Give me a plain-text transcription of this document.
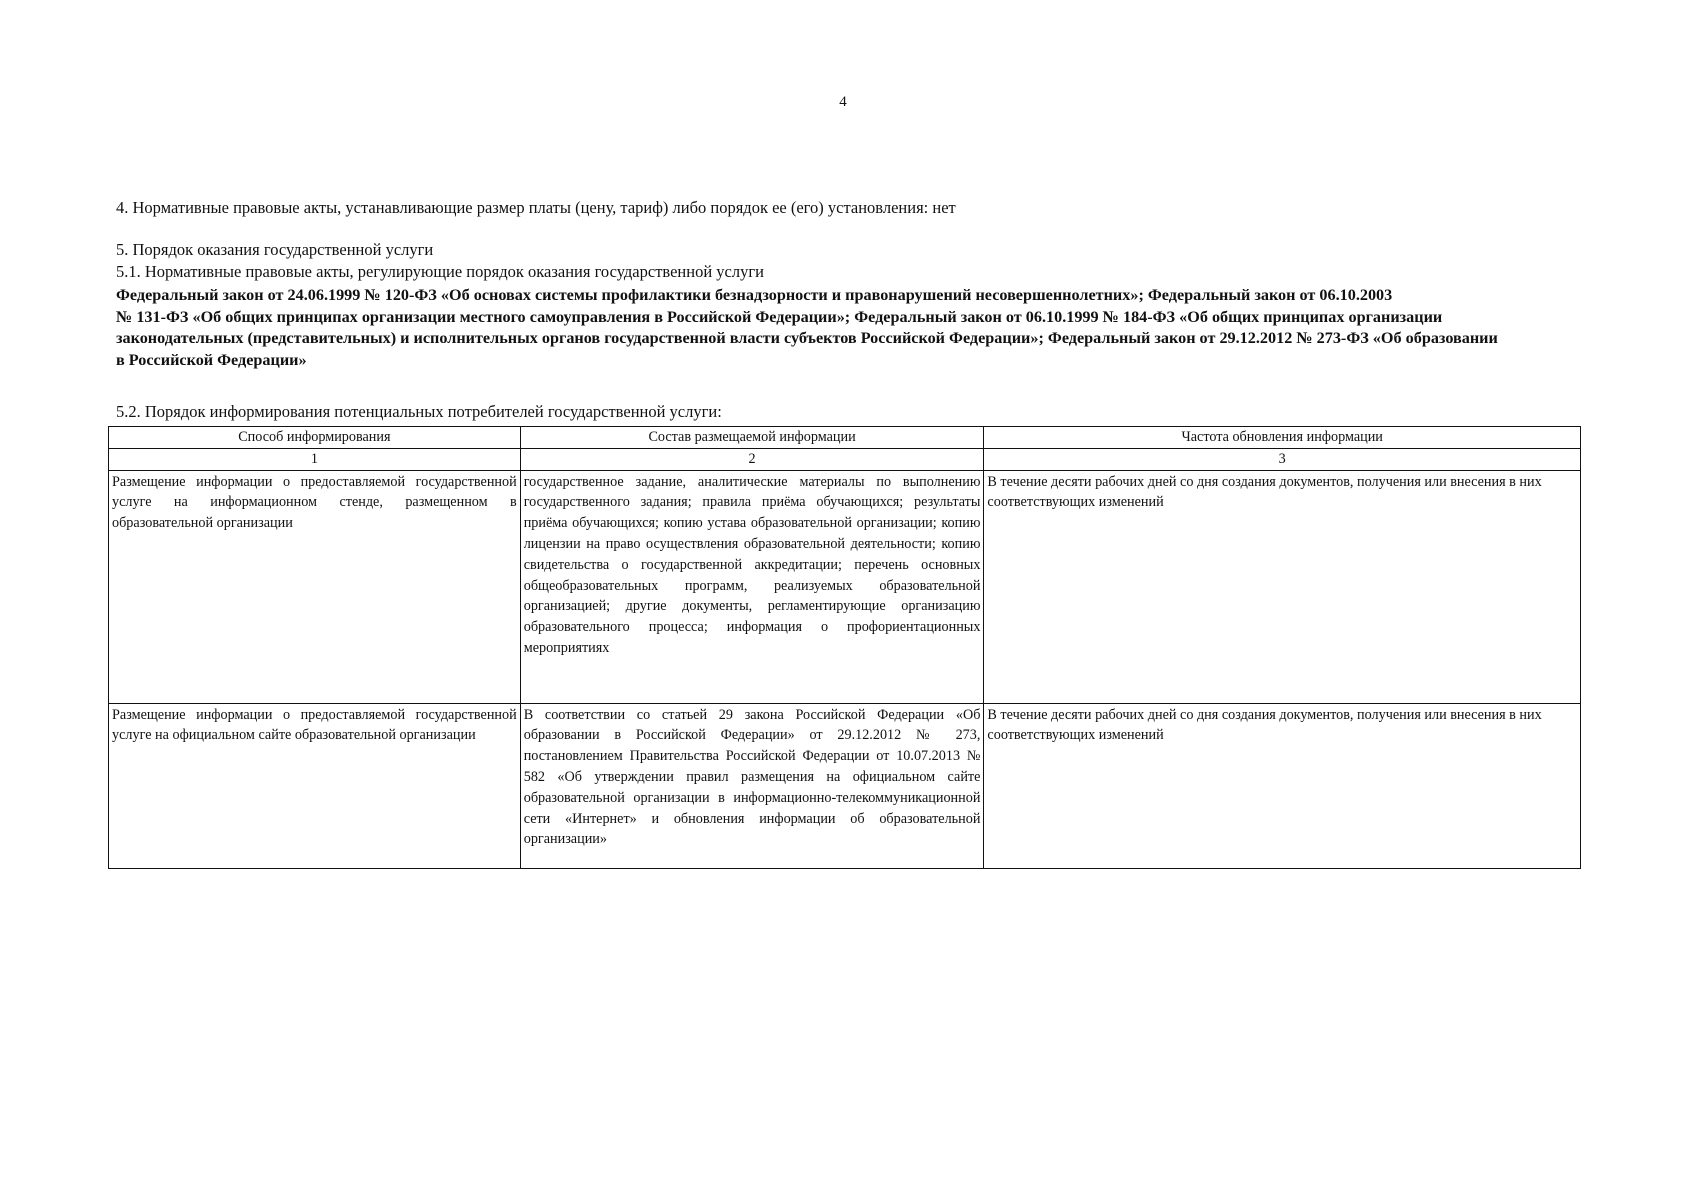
4
4. Нормативные правовые акты, устанавливающие размер платы (цену, тариф) либо порядок ее (его) установления: нет
5. Порядок оказания государственной услуги
5.1. Нормативные правовые акты, регулирующие порядок оказания государственной услуги
Федеральный закон от 24.06.1999 № 120-ФЗ «Об основах системы профилактики безнадзорности и правонарушений несовершеннолетних»; Федеральный закон от 06.10.2003
№ 131-ФЗ «Об общих принципах организации местного самоуправления в Российской Федерации»; Федеральный закон от 06.10.1999 № 184-ФЗ «Об общих принципах организации
законодательных (представительных) и исполнительных органов государственной власти субъектов Российской Федерации»; Федеральный закон от 29.12.2012 № 273-ФЗ «Об образовании
в Российской Федерации»
5.2. Порядок информирования потенциальных потребителей государственной услуги:
Способ информирования	Состав размещаемой информации	Частота обновления информации
1	2	3
Размещение информации о предоставляемой государственной услуге на информационном стенде, размещенном в образовательной организации	государственное задание, аналитические материалы по выполнению государственного задания; правила приёма обучающихся; результаты приёма обучающихся; копию устава образовательной организации; копию лицензии на право осуществления образовательной деятельности; копию свидетельства о государственной аккредитации; перечень основных общеобразовательных программ, реализуемых образовательной организацией; другие документы, регламентирующие организацию образовательного процесса; информация о профориентационных мероприятиях	В течение десяти рабочих дней со дня создания документов, получения или внесения в них соответствующих изменений
Размещение информации о предоставляемой государственной услуге на официальном сайте образовательной организации	В соответствии со статьей 29 закона Российской Федерации «Об образовании в Российской Федерации» от 29.12.2012 № 273, постановлением Правительства Российской Федерации от 10.07.2013 № 582 «Об утверждении правил размещения на официальном сайте образовательной организации в информационно-телекоммуникационной сети «Интернет» и обновления информации об образовательной организации»	В течение десяти рабочих дней со дня создания документов, получения или внесения в них соответствующих изменений
